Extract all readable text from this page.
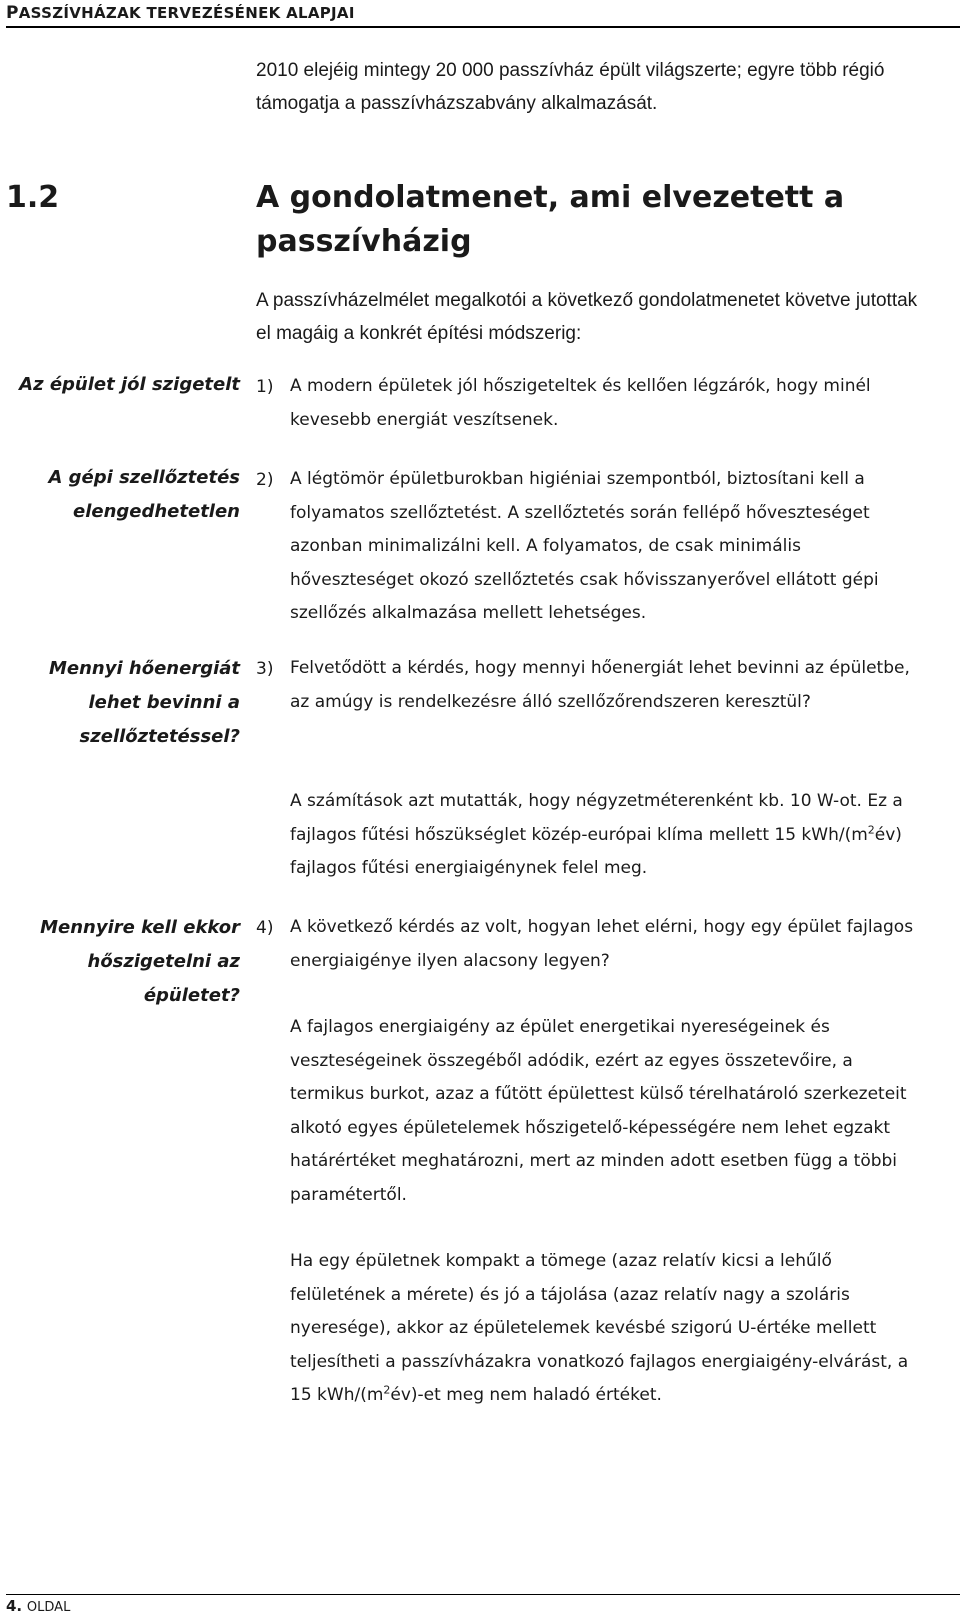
PASSZÍVHÁZAK TERVEZÉSÉNEK ALAPJAI
2010 elejéig mintegy 20 000 passzívház épült világszerte; egyre több régió támogatja a passzívházszabvány alkalmazását.
1.2	A gondolatmenet, ami elvezetett a passzívházig
A passzívházelmélet megalkotói a következő gondolatmenetet követve jutottak el magáig a konkrét építési módszerig:
Az épület jól szigetelt 1) A modern épületek jól hőszigeteltek és kellően légzárók, hogy minél kevesebb energiát veszítsenek.
A gépi szellőztetés elengedhetetlen
2) A légtömör épületburokban higiéniai szempontból, biztosítani kell a folyamatos szellőztetést. A szellőztetés során fellépő hőveszteséget azonban minimalizálni kell. A folyamatos, de csak minimális hőveszteséget okozó szellőztetés csak hővisszanyerővel ellátott gépi szellőzés alkalmazása mellett lehetséges.
Mennyi hőenergiát lehet bevinni a szellőztetéssel?
3) Felvetődött a kérdés, hogy mennyi hőenergiát lehet bevinni az épületbe, az amúgy is rendelkezésre álló szellőzőrendszeren keresztül?
A számítások azt mutatták, hogy négyzetméterenként kb. 10 W-ot. Ez a fajlagos fűtési hőszükséglet közép-európai klíma mellett 15 kWh/$(m^2év)$ fajlagos fűtési energiaigénynek felel meg.
Mennyire kell ekkor hőszigetelni az épületet?
4) A következő kérdés az volt, hogyan lehet elérni, hogy egy épület fajlagos energiaigénye ilyen alacsony legyen?
A fajlagos energiaigény az épület energetikai nyereségeinek és veszteségeinek összegéből adódik, ezért az egyes összetevőire, a termikus burkot, azaz a fűtött épülettest külső térelhatároló szerkezeteit alkotó egyes épületelemek hőszigetelő-képességére nem lehet egzakt határértéket meghatározni, mert az minden adott esetben függ a többi paramétertől.
Ha egy épületnek kompakt a tömege (azaz relatív kicsi a lehűlő felületének a mérete) és jó a tájolása (azaz relatív nagy a szoláris nyeresége), akkor az épületelemek kevésbé szigorú U-értéke mellett teljesítheti a passzívházakra vonatkozó fajlagos energiaigény-elvárást, a 15 kWh/$(m^2év)-et$ meg nem haladó értéket.
4. OLDAL
